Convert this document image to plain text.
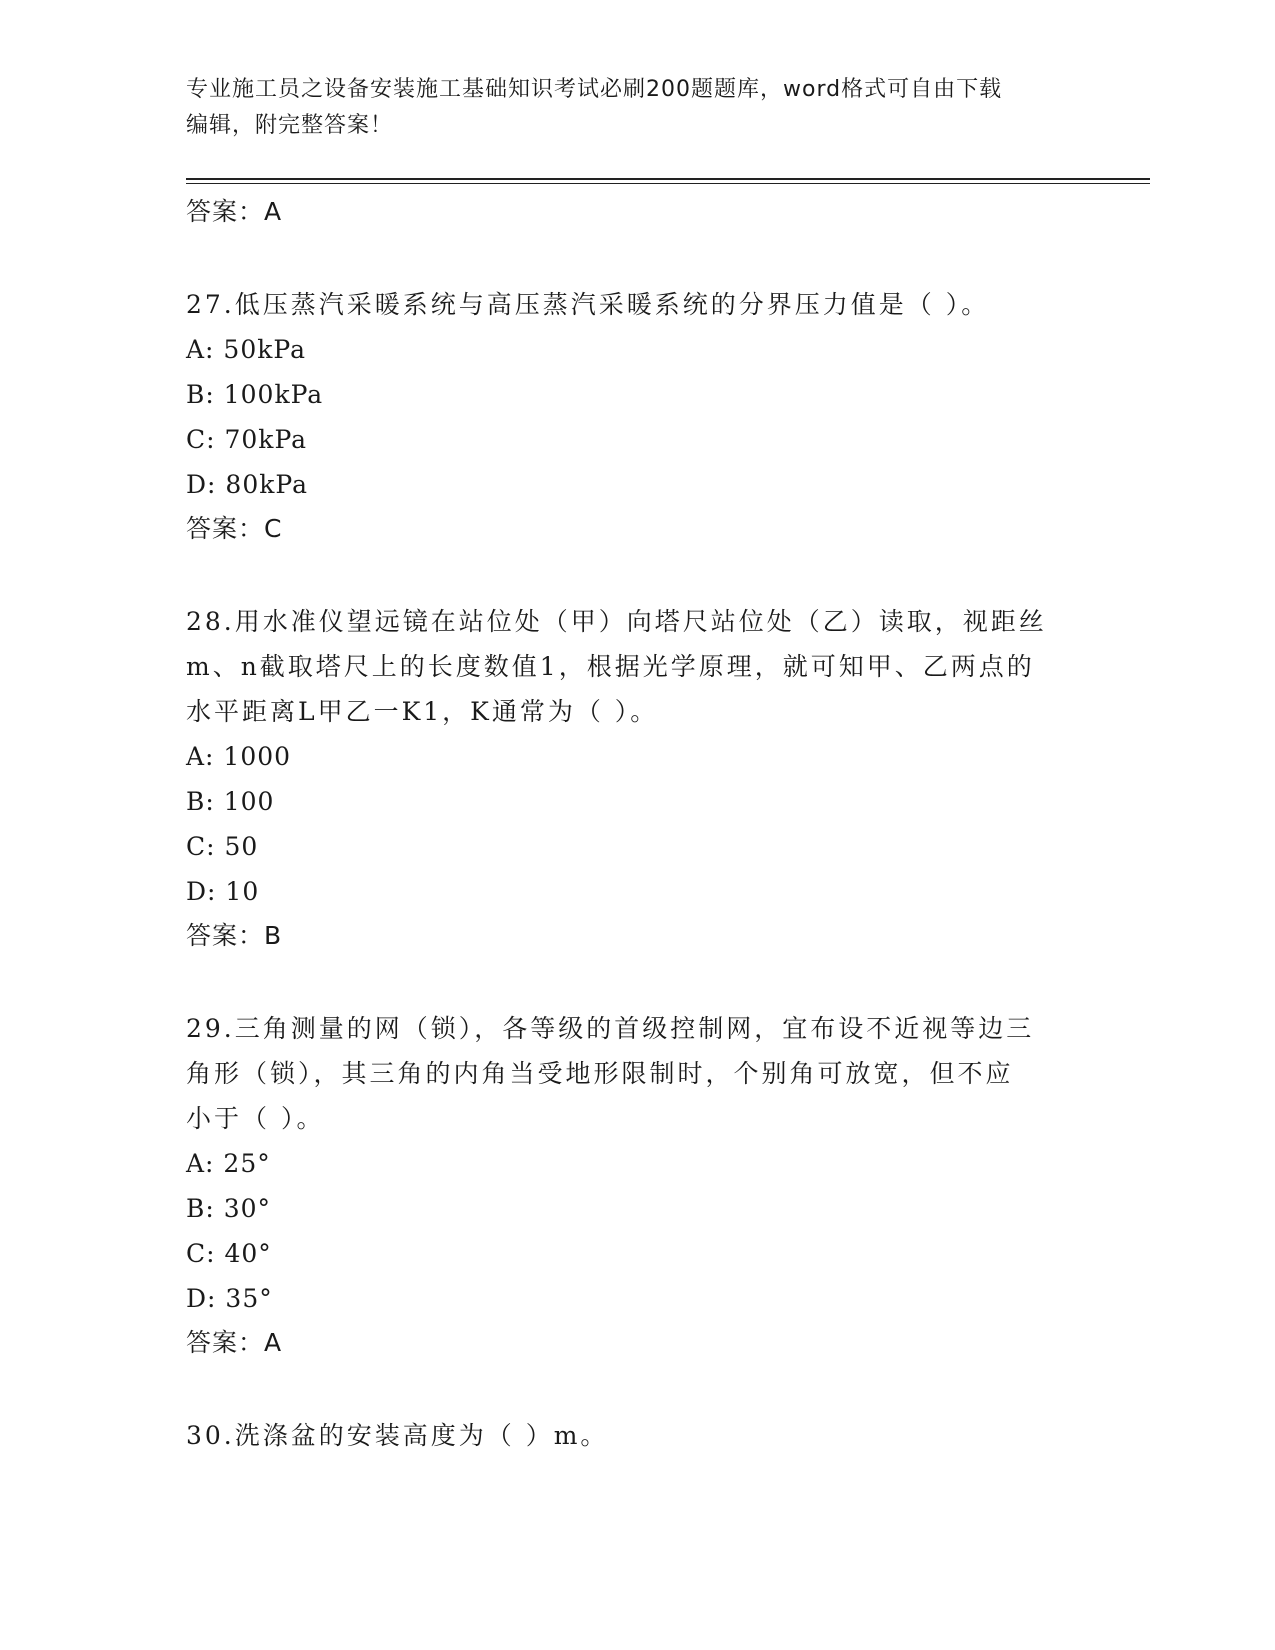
专业施工员之设备安装施工基础知识考试必刷200题题库，word格式可自由下载
编辑，附完整答案！
答案：A
27.低压蒸汽采暖系统与高压蒸汽采暖系统的分界压力值是（ ）。
A: 50kPa
B: 100kPa
C: 70kPa
D: 80kPa
答案：C
28.用水准仪望远镜在站位处（甲）向塔尺站位处（乙）读取，视距丝
m、n截取塔尺上的长度数值1，根据光学原理，就可知甲、乙两点的
水平距离L甲乙一K1，K通常为（ ）。
A: 1000
B: 100
C: 50
D: 10
答案：B
29.三角测量的网（锁），各等级的首级控制网，宜布设不近视等边三
角形（锁），其三角的内角当受地形限制时，个别角可放宽，但不应
小于（ ）。
A: 25°
B: 30°
C: 40°
D: 35°
答案：A
30.洗涤盆的安装高度为（ ）m。
